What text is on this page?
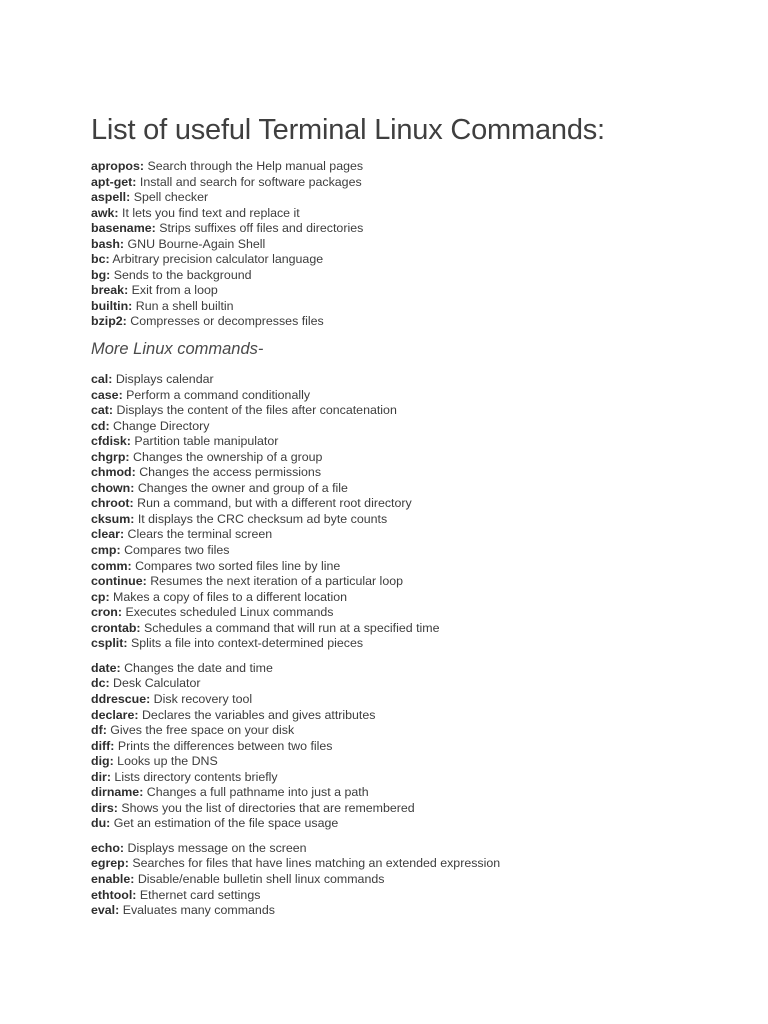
List of useful Terminal Linux Commands:
apropos: Search through the Help manual pages
apt-get: Install and search for software packages
aspell: Spell checker
awk: It lets you find text and replace it
basename: Strips suffixes off files and directories
bash: GNU Bourne-Again Shell
bc: Arbitrary precision calculator language
bg: Sends to the background
break: Exit from a loop
builtin: Run a shell builtin
bzip2: Compresses or decompresses files
More Linux commands-
cal: Displays calendar
case: Perform a command conditionally
cat: Displays the content of the files after concatenation
cd: Change Directory
cfdisk: Partition table manipulator
chgrp: Changes the ownership of a group
chmod: Changes the access permissions
chown: Changes the owner and group of a file
chroot: Run a command, but with a different root directory
cksum: It displays the CRC checksum ad byte counts
clear: Clears the terminal screen
cmp: Compares two files
comm: Compares two sorted files line by line
continue: Resumes the next iteration of a particular loop
cp: Makes a copy of files to a different location
cron: Executes scheduled Linux commands
crontab: Schedules a command that will run at a specified time
csplit: Splits a file into context-determined pieces
date: Changes the date and time
dc: Desk Calculator
ddrescue: Disk recovery tool
declare: Declares the variables and gives attributes
df: Gives the free space on your disk
diff: Prints the differences between two files
dig: Looks up the DNS
dir: Lists directory contents briefly
dirname: Changes a full pathname into just a path
dirs: Shows you the list of directories that are remembered
du: Get an estimation of the file space usage
echo: Displays message on the screen
egrep: Searches for files that have lines matching an extended expression
enable: Disable/enable bulletin shell linux commands
ethtool: Ethernet card settings
eval: Evaluates many commands
